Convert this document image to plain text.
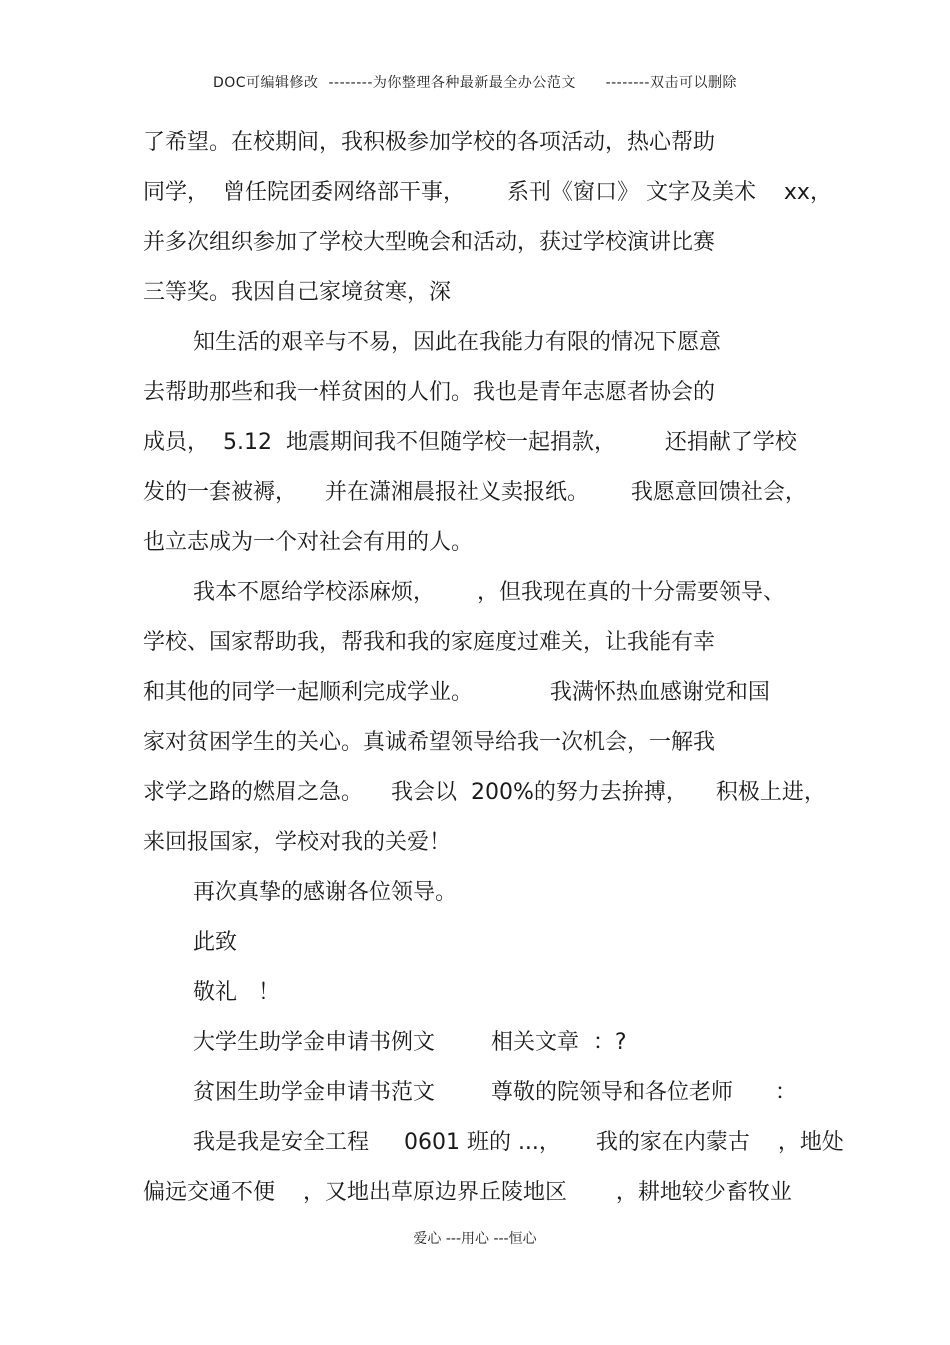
DOC可编辑修改  --------为你整理各种最新最全办公范文      --------双击可以删除
了希望。在校期间，我积极参加学校的各项活动，热心帮助
同学，  曾任院团委网络部干事，      系刊《窗口》 文字及美术    xx，
并多次组织参加了学校大型晚会和活动，获过学校演讲比赛
三等奖。我因自己家境贫寒，深
知生活的艰辛与不易，因此在我能力有限的情况下愿意
去帮助那些和我一样贫困的人们。我也是青年志愿者协会的
成员，  5.12  地震期间我不但随学校一起捐款，       还捐献了学校
发的一套被褥，    并在潇湘晨报社义卖报纸。      我愿意回馈社会，
也立志成为一个对社会有用的人。
我本不愿给学校添麻烦，      ，但我现在真的十分需要领导、
学校、国家帮助我，帮我和我的家庭度过难关，让我能有幸
和其他的同学一起顺利完成学业。           我满怀热血感谢党和国
家对贫困学生的关心。真诚希望领导给我一次机会，一解我
求学之路的燃眉之急。    我会以  200%的努力去拚搏，    积极上进，
来回报国家，学校对我的关爱！
再次真挚的感谢各位领导。
此致
敬礼   ！
大学生助学金申请书例文        相关文章  ：?
贫困生助学金申请书范文        尊敬的院领导和各位老师      ：
我是我是安全工程     0601 班的 ...，     我的家在内蒙古    ，地处
偏远交通不便    ，又地出草原边界丘陵地区       ，耕地较少畜牧业
爱心 ---用心 ---恒心
